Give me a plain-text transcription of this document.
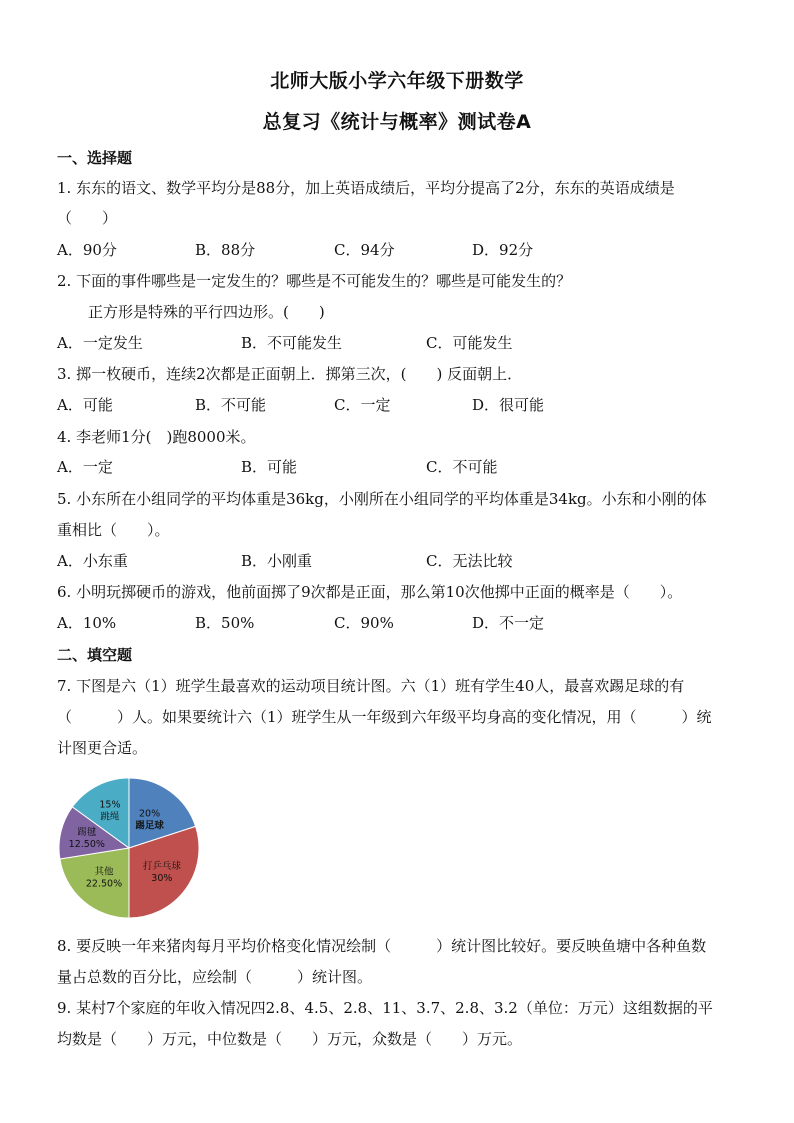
北师大版小学六年级下册数学
总复习《统计与概率》测试卷A
一、选择题
1. 东东的语文、数学平均分是88分，加上英语成绩后，平均分提高了2分，东东的英语成绩是
（　　）
A．90分	B．88分	C．94分	D．92分
2. 下面的事件哪些是一定发生的？哪些是不可能发生的？哪些是可能发生的？
正方形是特殊的平行四边形。(　　)
A．一定发生	B．不可能发生	C．可能发生
3. 掷一枚硬币，连续2次都是正面朝上．掷第三次，(　　) 反面朝上．
A．可能	B．不可能	C．一定	D．很可能
4. 李老师1分(　)跑8000米。
A．一定	B．可能	C．不可能
5. 小东所在小组同学的平均体重是36kg，小刚所在小组同学的平均体重是34kg。小东和小刚的体
重相比（　　）。
A．小东重	B．小刚重	C．无法比较
6. 小明玩掷硬币的游戏，他前面掷了9次都是正面，那么第10次他掷中正面的概率是（　　）。
A．10%	B．50%	C．90%	D．不一定
二、填空题
7. 下图是六（1）班学生最喜欢的运动项目统计图。六（1）班有学生40人，最喜欢踢足球的有
（　　　）人。如果要统计六（1）班学生从一年级到六年级平均身高的变化情况，用（　　　）统
计图更合适。
20%
踢足球
打乒乓球
30%
其他
22.50%
踢毽
12.50%
15%
跳绳
8. 要反映一年来猪肉每月平均价格变化情况绘制（　　　）统计图比较好。要反映鱼塘中各种鱼数
量占总数的百分比，应绘制（　　　）统计图。
9. 某村7个家庭的年收入情况四2.8、4.5、2.8、11、3.7、2.8、3.2（单位：万元）这组数据的平
均数是（　　）万元，中位数是（　　）万元，众数是（　　）万元。
